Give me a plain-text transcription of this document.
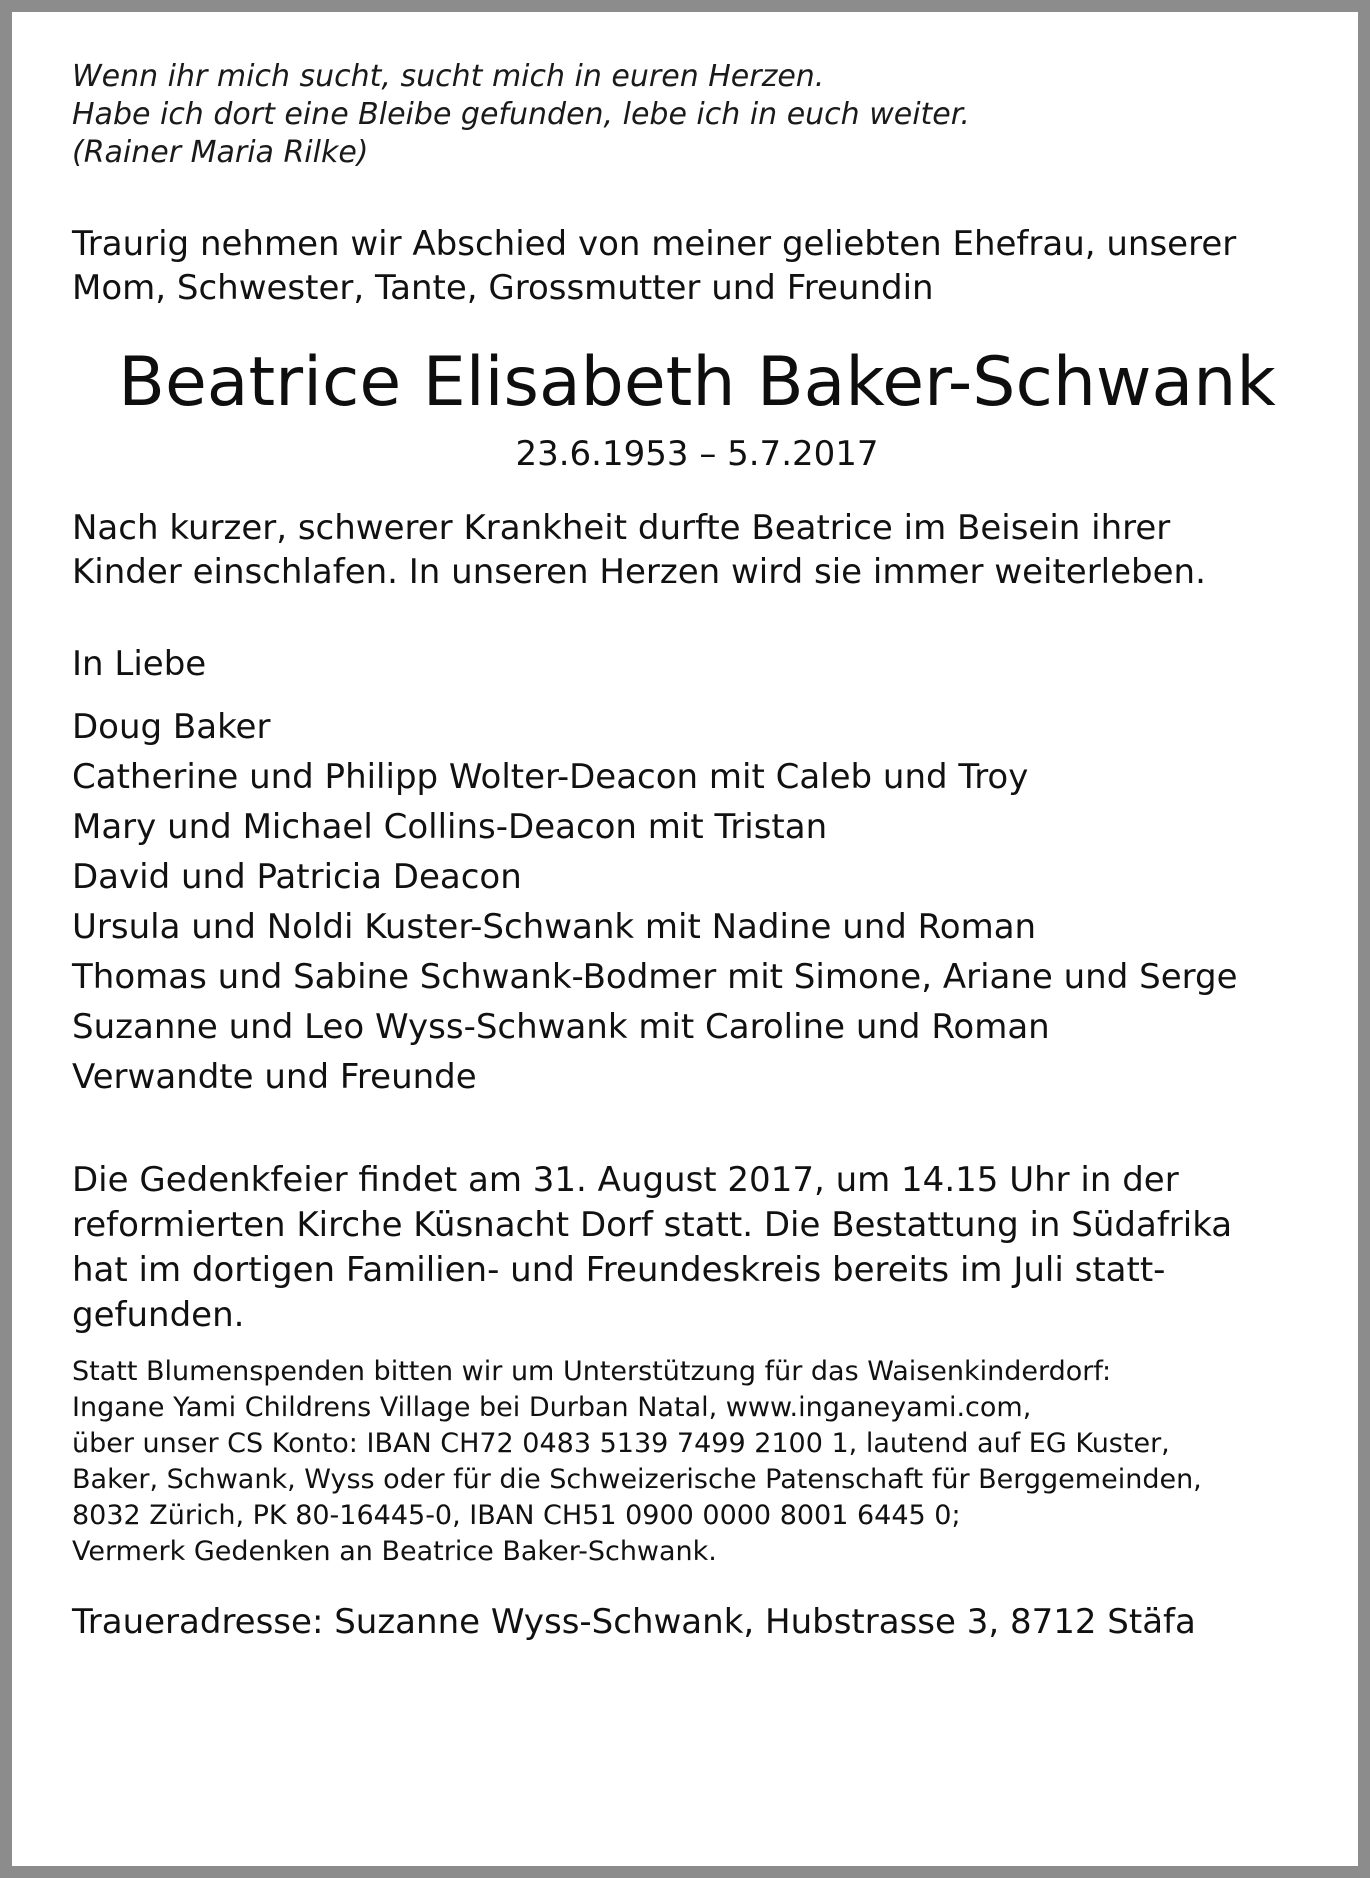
Wenn ihr mich sucht, sucht mich in euren Herzen.
Habe ich dort eine Bleibe gefunden, lebe ich in euch weiter.
(Rainer Maria Rilke)
Traurig nehmen wir Abschied von meiner geliebten Ehefrau, unserer
Mom, Schwester, Tante, Grossmutter und Freundin
Beatrice Elisabeth Baker-Schwank
23.6.1953 – 5.7.2017
Nach kurzer, schwerer Krankheit durfte Beatrice im Beisein ihrer
Kinder einschlafen. In unseren Herzen wird sie immer weiterleben.
In Liebe
Doug Baker
Catherine und Philipp Wolter-Deacon mit Caleb und Troy
Mary und Michael Collins-Deacon mit Tristan
David und Patricia Deacon
Ursula und Noldi Kuster-Schwank mit Nadine und Roman
Thomas und Sabine Schwank-Bodmer mit Simone, Ariane und Serge
Suzanne und Leo Wyss-Schwank mit Caroline und Roman
Verwandte und Freunde
Die Gedenkfeier findet am 31. August 2017, um 14.15 Uhr in der
reformierten Kirche Küsnacht Dorf statt. Die Bestattung in Südafrika
hat im dortigen Familien- und Freundeskreis bereits im Juli statt-
gefunden.
Statt Blumenspenden bitten wir um Unterstützung für das Waisenkinderdorf:
Ingane Yami Childrens Village bei Durban Natal, www.inganeyami.com,
über unser CS Konto: IBAN CH72 0483 5139 7499 2100 1, lautend auf EG Kuster,
Baker, Schwank, Wyss oder für die Schweizerische Patenschaft für Berggemeinden,
8032 Zürich, PK 80-16445-0, IBAN CH51 0900 0000 8001 6445 0;
Vermerk Gedenken an Beatrice Baker-Schwank.
Traueradresse: Suzanne Wyss-Schwank, Hubstrasse 3, 8712 Stäfa
